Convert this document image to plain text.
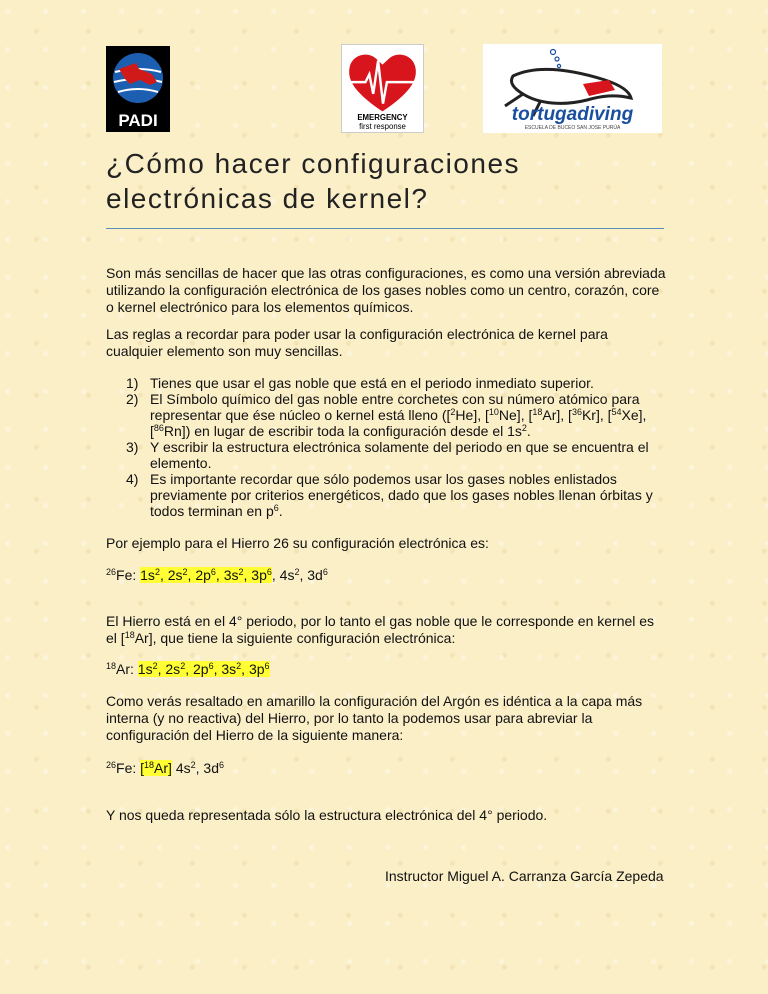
PADI	EMERGENCY
first response
tortugadiving
ESCUELA DE BUCEO SAN JOSE PURÚA
¿Cómo hacer configuraciones electrónicas de kernel?

Son más sencillas de hacer que las otras configuraciones, es como una versión abreviada utilizando la configuración electrónica de los gases nobles como un centro, corazón, core o kernel electrónico para los elementos químicos.

Las reglas a recordar para poder usar la configuración electrónica de kernel para cualquier elemento son muy sencillas.

1) Tienes que usar el gas noble que está en el periodo inmediato superior.
2) El Símbolo químico del gas noble entre corchetes con su número atómico para representar que ése núcleo o kernel está lleno ([$^2$He], [$^{10}$Ne], [$^{18}$Ar], [$^{36}$Kr], [$^{54}$Xe], [$^{86}$Rn]) en lugar de escribir toda la configuración desde el $1s^2$.
3) Y escribir la estructura electrónica solamente del periodo en que se encuentra el elemento.
4) Es importante recordar que sólo podemos usar los gases nobles enlistados previamente por criterios energéticos, dado que los gases nobles llenan órbitas y todos terminan en $p^6$.

Por ejemplo para el Hierro 26 su configuración electrónica es:

$^{26}$Fe: $1s^2$, $2s^2$, $2p^6$, $3s^2$, $3p^6$, $4s^2$, $3d^6$

El Hierro está en el 4° periodo, por lo tanto el gas noble que le corresponde en kernel es el [$^{18}$Ar], que tiene la siguiente configuración electrónica:

$^{18}$Ar: $1s^2$, $2s^2$, $2p^6$, $3s^2$, $3p^6$

Como verás resaltado en amarillo la configuración del Argón es idéntica a la capa más interna (y no reactiva) del Hierro, por lo tanto la podemos usar para abreviar la configuración del Hierro de la siguiente manera:

$^{26}$Fe: [$^{18}$Ar] $4s^2$, $3d^6$

Y nos queda representada sólo la estructura electrónica del 4° periodo.

Instructor Miguel A. Carranza García Zepeda
